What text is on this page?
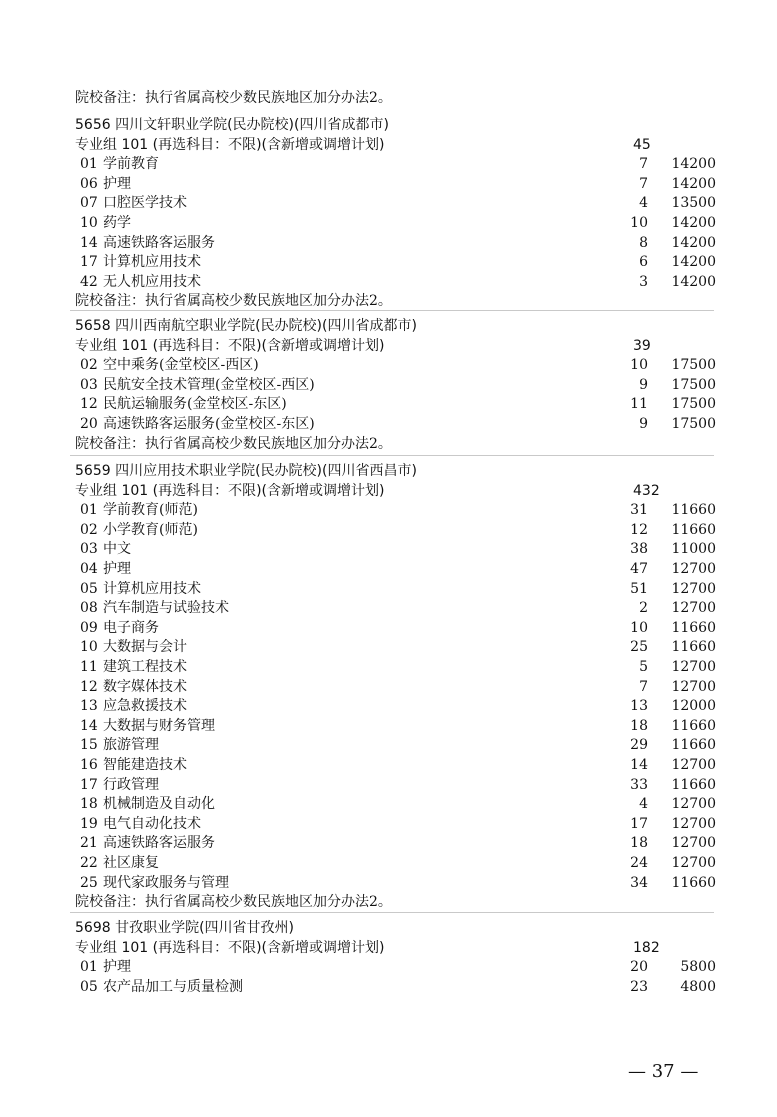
院校备注：执行省属高校少数民族地区加分办法2。
5656 四川文轩职业学院(民办院校)(四川省成都市)
专业组 101 (再选科目：不限)(含新增或调增计划)	45
01 学前教育	7 14200
06 护理	7 14200
07 口腔医学技术	4 13500
10 药学	10 14200
14 高速铁路客运服务	8 14200
17 计算机应用技术	6 14200
42 无人机应用技术	3 14200
院校备注：执行省属高校少数民族地区加分办法2。
5658 四川西南航空职业学院(民办院校)(四川省成都市)
专业组 101 (再选科目：不限)(含新增或调增计划)	39
02 空中乘务(金堂校区-西区)	10 17500
03 民航安全技术管理(金堂校区-西区)	9 17500
12 民航运输服务(金堂校区-东区)	11 17500
20 高速铁路客运服务(金堂校区-东区)	9 17500
院校备注：执行省属高校少数民族地区加分办法2。
5659 四川应用技术职业学院(民办院校)(四川省西昌市)
专业组 101 (再选科目：不限)(含新增或调增计划)	432
01 学前教育(师范)	31 11660
02 小学教育(师范)	12 11660
03 中文	38 11000
04 护理	47 12700
05 计算机应用技术	51 12700
08 汽车制造与试验技术	2 12700
09 电子商务	10 11660
10 大数据与会计	25 11660
11 建筑工程技术	5 12700
12 数字媒体技术	7 12700
13 应急救援技术	13 12000
14 大数据与财务管理	18 11660
15 旅游管理	29 11660
16 智能建造技术	14 12700
17 行政管理	33 11660
18 机械制造及自动化	4 12700
19 电气自动化技术	17 12700
21 高速铁路客运服务	18 12700
22 社区康复	24 12700
25 现代家政服务与管理	34 11660
院校备注：执行省属高校少数民族地区加分办法2。
5698 甘孜职业学院(四川省甘孜州)
专业组 101 (再选科目：不限)(含新增或调增计划)	182
01 护理	20 5800
05 农产品加工与质量检测	23 4800
— 37 —
